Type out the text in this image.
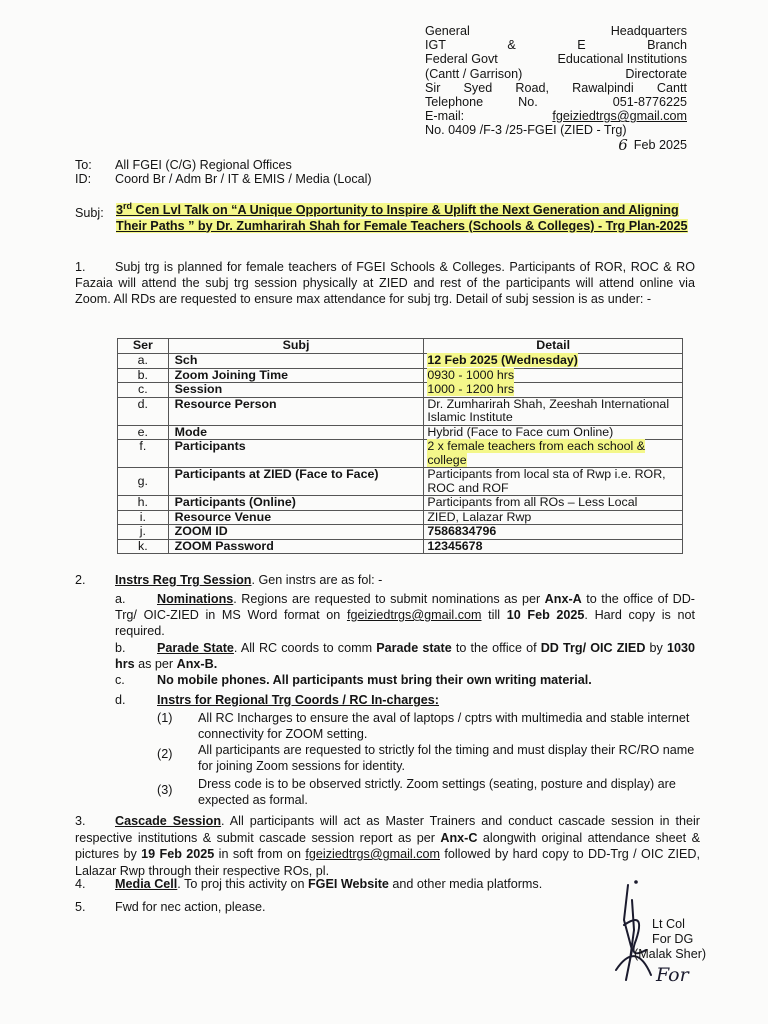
General	Headquarters
IGT	&	E	Branch
Federal Govt	Educational Institutions
(Cantt / Garrison)	Directorate
Sir Syed Road, Rawalpindi Cantt
Telephone	No.	051-8776225
E-mail:	fgeiziedtrgs@gmail.com
No. 0409 /F-3 /25-FGEI (ZIED - Trg)
6 Feb 2025
To:	All FGEI (C/G) Regional Offices
ID:	Coord Br / Adm Br / IT & EMIS / Media (Local)
Subj: 3rd Cen Lvl Talk on “A Unique Opportunity to Inspire & Uplift the Next Generation and Aligning Their Paths ” by Dr. Zumharirah Shah for Female Teachers (Schools & Colleges) - Trg Plan-2025
1. Subj trg is planned for female teachers of FGEI Schools & Colleges. Participants of ROR, ROC & RO Fazaia will attend the subj trg session physically at ZIED and rest of the participants will attend online via Zoom. All RDs are requested to ensure max attendance for subj trg. Detail of subj session is as under: -
Ser	Subj	Detail
a.	Sch	12 Feb 2025 (Wednesday)
b.	Zoom Joining Time	0930 - 1000 hrs
c.	Session	1000 - 1200 hrs
d.	Resource Person	Dr. Zumharirah Shah, Zeeshah International Islamic Institute
e.	Mode	Hybrid (Face to Face cum Online)
f.	Participants	2 x female teachers from each school & college
g.	Participants at ZIED (Face to Face)	Participants from local sta of Rwp i.e. ROR, ROC and ROF
h.	Participants (Online)	Participants from all ROs – Less Local
i.	Resource Venue	ZIED, Lalazar Rwp
j.	ZOOM ID	7586834796
k.	ZOOM Password	12345678
2. Instrs Reg Trg Session. Gen instrs are as fol: -
a. Nominations. Regions are requested to submit nominations as per Anx-A to the office of DD-Trg/ OIC-ZIED in MS Word format on fgeiziedtrgs@gmail.com till 10 Feb 2025. Hard copy is not required.
b. Parade State. All RC coords to comm Parade state to the office of DD Trg/ OIC ZIED by 1030 hrs as per Anx-B.
c.	No mobile phones. All participants must bring their own writing material.
d. Instrs for Regional Trg Coords / RC In-charges:
(1) All RC Incharges to ensure the aval of laptops / cptrs with multimedia and stable internet connectivity for ZOOM setting.
(2) All participants are requested to strictly fol the timing and must display their RC/RO name for joining Zoom sessions for identity.
(3) Dress code is to be observed strictly. Zoom settings (seating, posture and display) are expected as formal.
3. Cascade Session. All participants will act as Master Trainers and conduct cascade session in their respective institutions & submit cascade session report as per Anx-C alongwith original attendance sheet & pictures by 19 Feb 2025 in soft from on fgeiziedtrgs@gmail.com followed by hard copy to DD-Trg / OIC ZIED, Lalazar Rwp through their respective ROs, pl.
4. Media Cell. To proj this activity on FGEI Website and other media platforms.
5. Fwd for nec action, please.
Lt Col
For DG
(Malak Sher)
For
